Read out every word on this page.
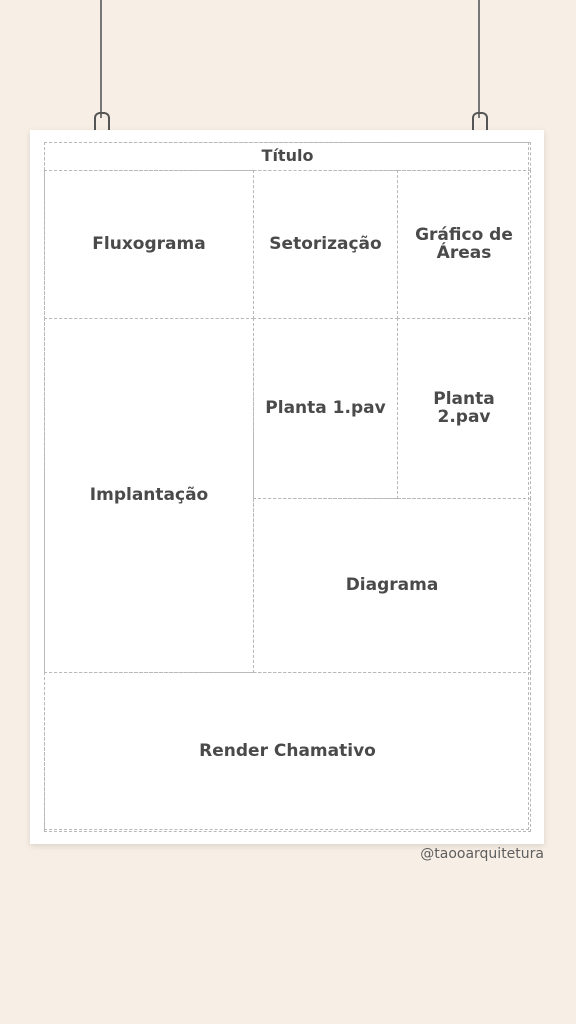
Título
Fluxograma	Setorização	Gráfico de Áreas
Implantação
Planta 1.pav	Planta 2.pav
Diagrama
Render Chamativo
@taooarquitetura
